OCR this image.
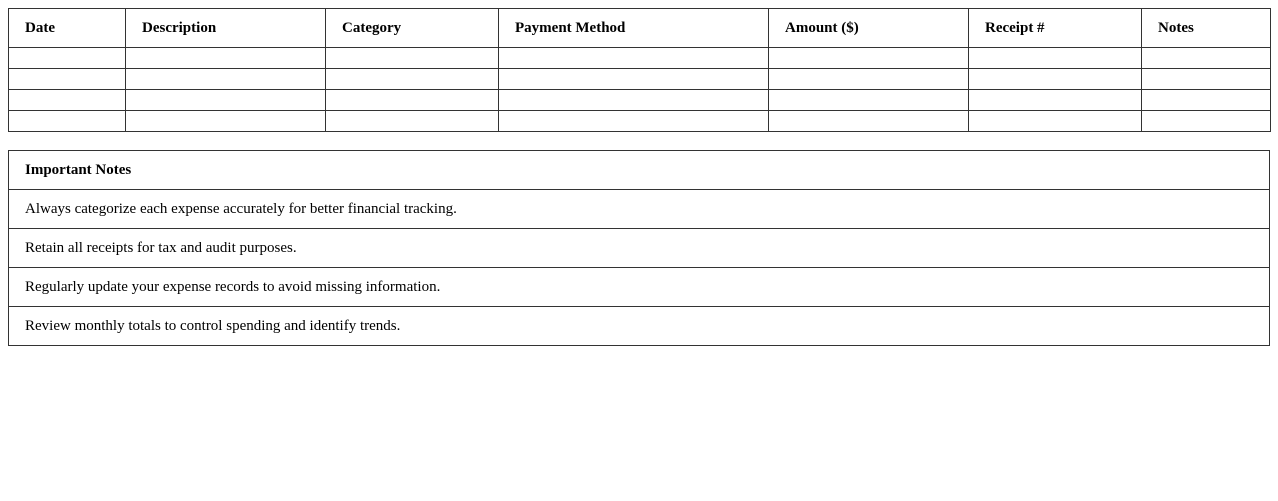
Date	Description	Category	Payment Method	Amount ($)	Receipt #	Notes

Important Notes
Always categorize each expense accurately for better financial tracking.
Retain all receipts for tax and audit purposes.
Regularly update your expense records to avoid missing information.
Review monthly totals to control spending and identify trends.
